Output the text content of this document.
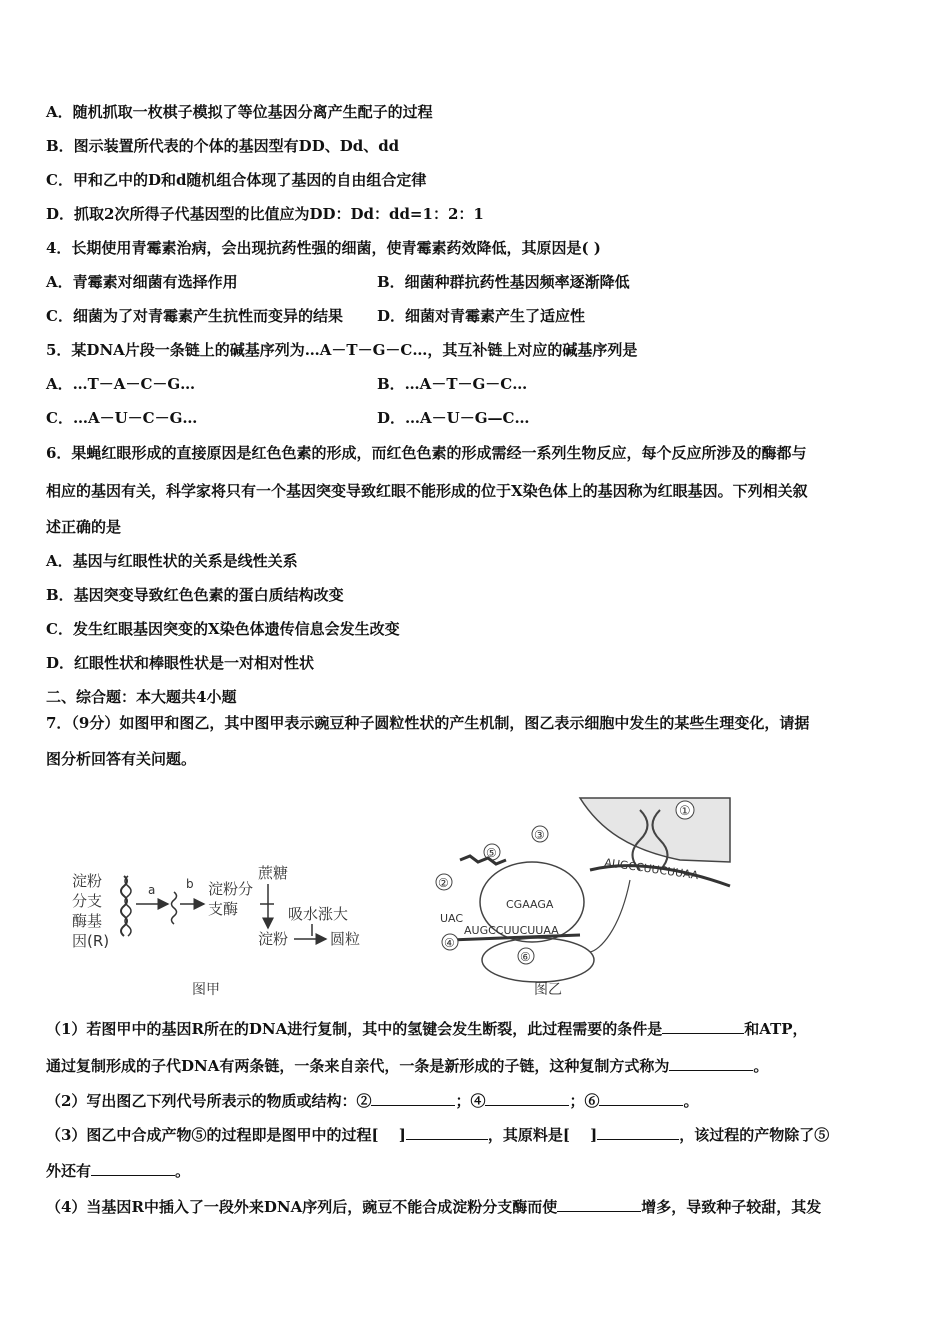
A．随机抓取一枚棋子模拟了等位基因分离产生配子的过程
B．图示装置所代表的个体的基因型有DD、Dd、dd
C．甲和乙中的D和d随机组合体现了基因的自由组合定律
D．抓取2次所得子代基因型的比值应为DD：Dd：dd=1：2：1
4．长期使用青霉素治病，会出现抗药性强的细菌，使青霉素药效降低，其原因是( )
A．青霉素对细菌有选择作用	B．细菌种群抗药性基因频率逐渐降低
C．细菌为了对青霉素产生抗性而变异的结果 D．细菌对青霉素产生了适应性
5．某DNA片段一条链上的碱基序列为…A－T－G－C…，其互补链上对应的碱基序列是
A．…T－A－C－G…	B．…A－T－G－C…
C．…A－U－C－G…	D．…A－U－G—C…
6．果蝇红眼形成的直接原因是红色色素的形成，而红色色素的形成需经一系列生物反应，每个反应所涉及的酶都与
相应的基因有关，科学家将只有一个基因突变导致红眼不能形成的位于X染色体上的基因称为红眼基因。下列相关叙
述正确的是
A．基因与红眼性状的关系是线性关系
B．基因突变导致红色色素的蛋白质结构改变
C．发生红眼基因突变的X染色体遗传信息会发生改变
D．红眼性状和棒眼性状是一对相对性状
二、综合题：本大题共4小题
7．（9分）如图甲和图乙，其中图甲表示豌豆种子圆粒性状的产生机制，图乙表示细胞中发生的某些生理变化，请据
图分析回答有关问题。
淀粉
分支
酶基
因(R)
a	b 淀粉分
支酶
蔗糖
吸水涨大
淀粉	圆粒
图甲
①
AUGCCUUCUUAA
AUGCCUUCUUAA
CGAAGA
UAC
②
③
④
⑤
⑥
图乙
（1）若图甲中的基因R所在的DNA进行复制，其中的氢键会发生断裂，此过程需要的条件是	和ATP，
通过复制形成的子代DNA有两条链，一条来自亲代，一条是新形成的子链，这种复制方式称为	。
（2）写出图乙下列代号所表示的物质或结构：②	；④	；⑥	。
（3）图乙中合成产物⑤的过程即是图甲中的过程[　 ]	，其原料是[　 ]	，该过程的产物除了⑤
外还有	。
（4）当基因R中插入了一段外来DNA序列后，豌豆不能合成淀粉分支酶而使	增多，导致种子较甜，其发
